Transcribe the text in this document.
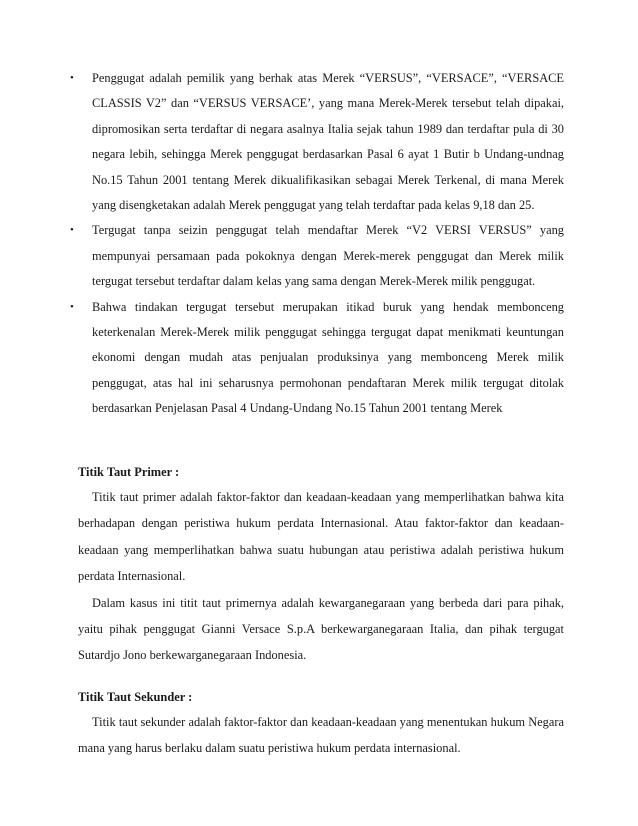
• Penggugat adalah pemilik yang berhak atas Merek “VERSUS”, “VERSACE”, “VERSACE CLASSIS V2” dan “VERSUS VERSACE’, yang mana Merek-Merek tersebut telah dipakai, dipromosikan serta terdaftar di negara asalnya Italia sejak tahun 1989 dan terdaftar pula di 30 negara lebih, sehingga Merek penggugat berdasarkan Pasal 6 ayat 1 Butir b Undang-undnag No.15 Tahun 2001 tentang Merek dikualifikasikan sebagai Merek Terkenal, di mana Merek yang disengketakan adalah Merek penggugat yang telah terdaftar pada kelas 9,18 dan 25.
• Tergugat tanpa seizin penggugat telah mendaftar Merek “V2 VERSI VERSUS” yang mempunyai persamaan pada pokoknya dengan Merek-merek penggugat dan Merek milik tergugat tersebut terdaftar dalam kelas yang sama dengan Merek-Merek milik penggugat.
• Bahwa tindakan tergugat tersebut merupakan itikad buruk yang hendak membonceng keterkenalan Merek-Merek milik penggugat sehingga tergugat dapat menikmati keuntungan ekonomi dengan mudah atas penjualan produksinya yang membonceng Merek milik penggugat, atas hal ini seharusnya permohonan pendaftaran Merek milik tergugat ditolak berdasarkan Penjelasan Pasal 4 Undang-Undang No.15 Tahun 2001 tentang Merek
Titik Taut Primer :

Titik taut primer adalah faktor-faktor dan keadaan-keadaan yang memperlihatkan bahwa kita berhadapan dengan peristiwa hukum perdata Internasional. Atau faktor-faktor dan keadaan-keadaan yang memperlihatkan bahwa suatu hubungan atau peristiwa adalah peristiwa hukum perdata Internasional.

Dalam kasus ini titit taut primernya adalah kewarganegaraan yang berbeda dari para pihak, yaitu pihak penggugat Gianni Versace S.p.A berkewarganegaraan Italia, dan pihak tergugat Sutardjo Jono berkewarganegaraan Indonesia.

Titik Taut Sekunder :

Titik taut sekunder adalah faktor-faktor dan keadaan-keadaan yang menentukan hukum Negara mana yang harus berlaku dalam suatu peristiwa hukum perdata internasional.
